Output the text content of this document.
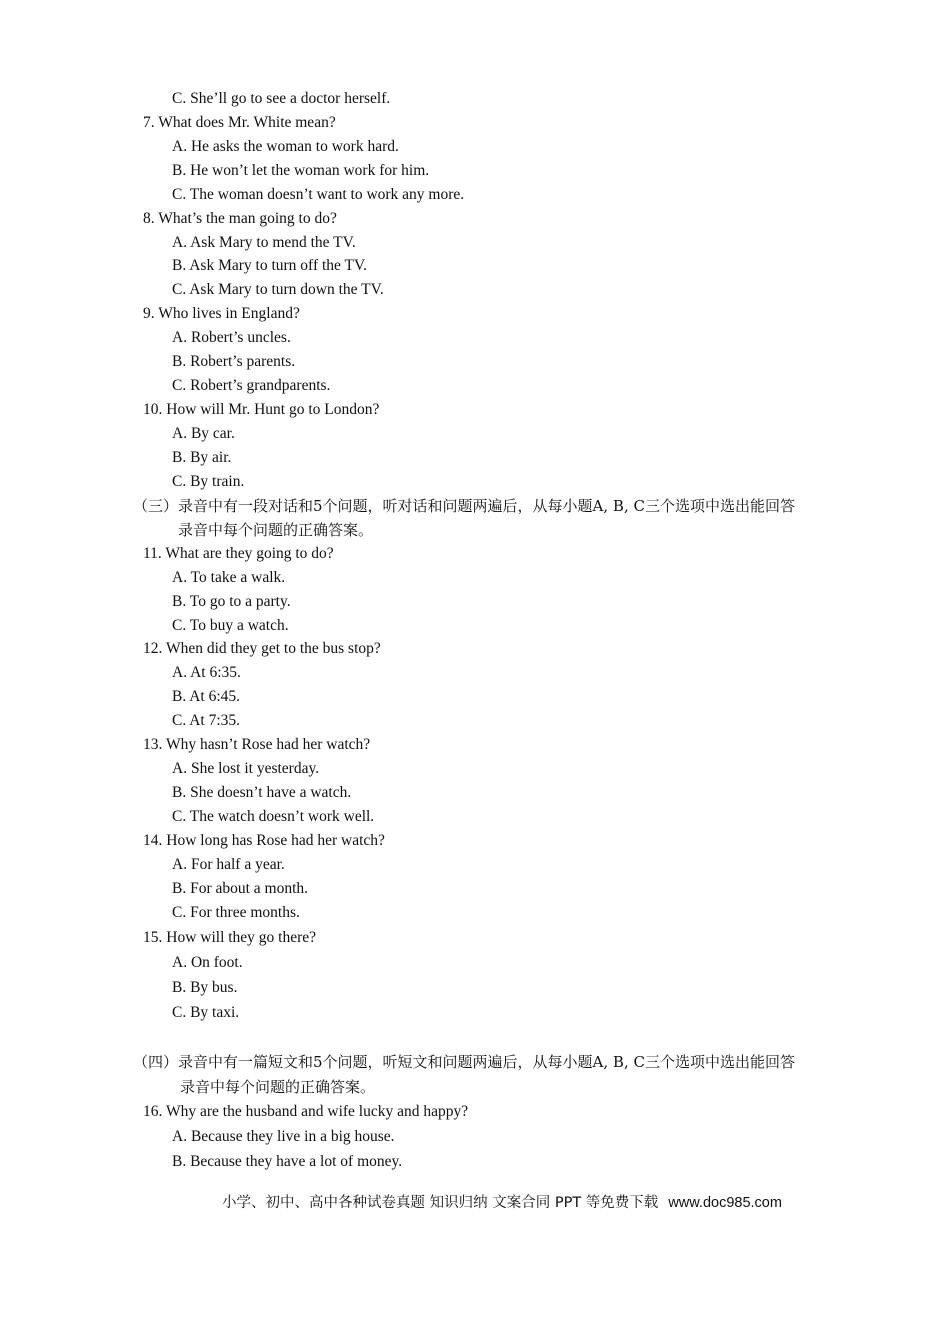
C. She’ll go to see a doctor herself.
7. What does Mr. White mean?
A. He asks the woman to work hard.
B. He won’t let the woman work for him.
C. The woman doesn’t want to work any more.
8. What’s the man going to do?
A. Ask Mary to mend the TV.
B. Ask Mary to turn off the TV.
C. Ask Mary to turn down the TV.
9. Who lives in England?
A. Robert’s uncles.
B. Robert’s parents.
C. Robert’s grandparents.
10. How will Mr. Hunt go to London?
A. By car.
B. By air.
C. By train.
（三）录音中有一段对话和5个问题，听对话和问题两遍后，从每小题A, B, C三个选项中选出能回答
录音中每个问题的正确答案。
11. What are they going to do?
A. To take a walk.
B. To go to a party.
C. To buy a watch.
12. When did they get to the bus stop?
A. At 6:35.
B. At 6:45.
C. At 7:35.
13. Why hasn’t Rose had her watch?
A. She lost it yesterday.
B. She doesn’t have a watch.
C. The watch doesn’t work well.
14. How long has Rose had her watch?
A. For half a year.
B. For about a month.
C. For three months.
15. How will they go there?
A. On foot.
B. By bus.
C. By taxi.
（四）录音中有一篇短文和5个问题，听短文和问题两遍后，从每小题A, B, C三个选项中选出能回答
录音中每个问题的正确答案。
16. Why are the husband and wife lucky and happy?
A. Because they live in a big house.
B. Because they have a lot of money.
小学、初中、高中各种试卷真题 知识归纳 文案合同 PPT 等免费下载 www.doc985.com
